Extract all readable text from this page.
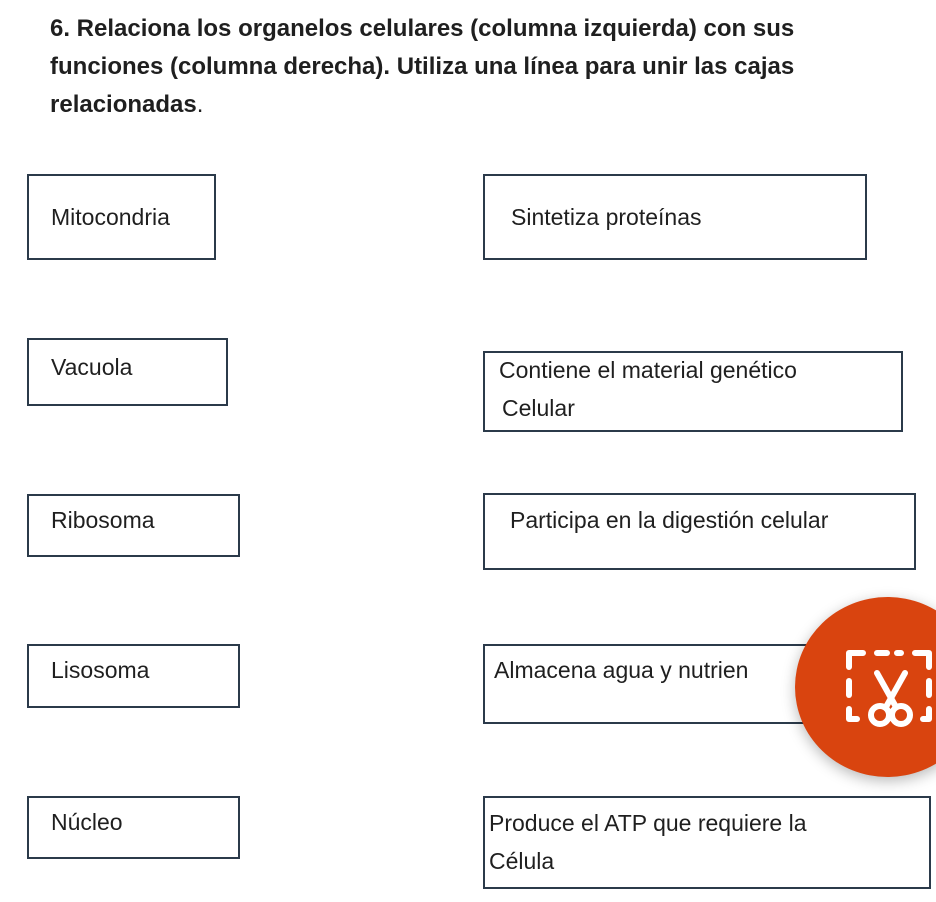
6. Relaciona los organelos celulares (columna izquierda) con sus funciones (columna derecha). Utiliza una línea para unir las cajas relacionadas.

Mitocondria
Vacuola
Ribosoma
Lisosoma
Núcleo
Sintetiza proteínas
Contiene el material genético
Celular
Participa en la digestión celular
Almacena agua y nutrien
Produce el ATP que requiere la
Célula
